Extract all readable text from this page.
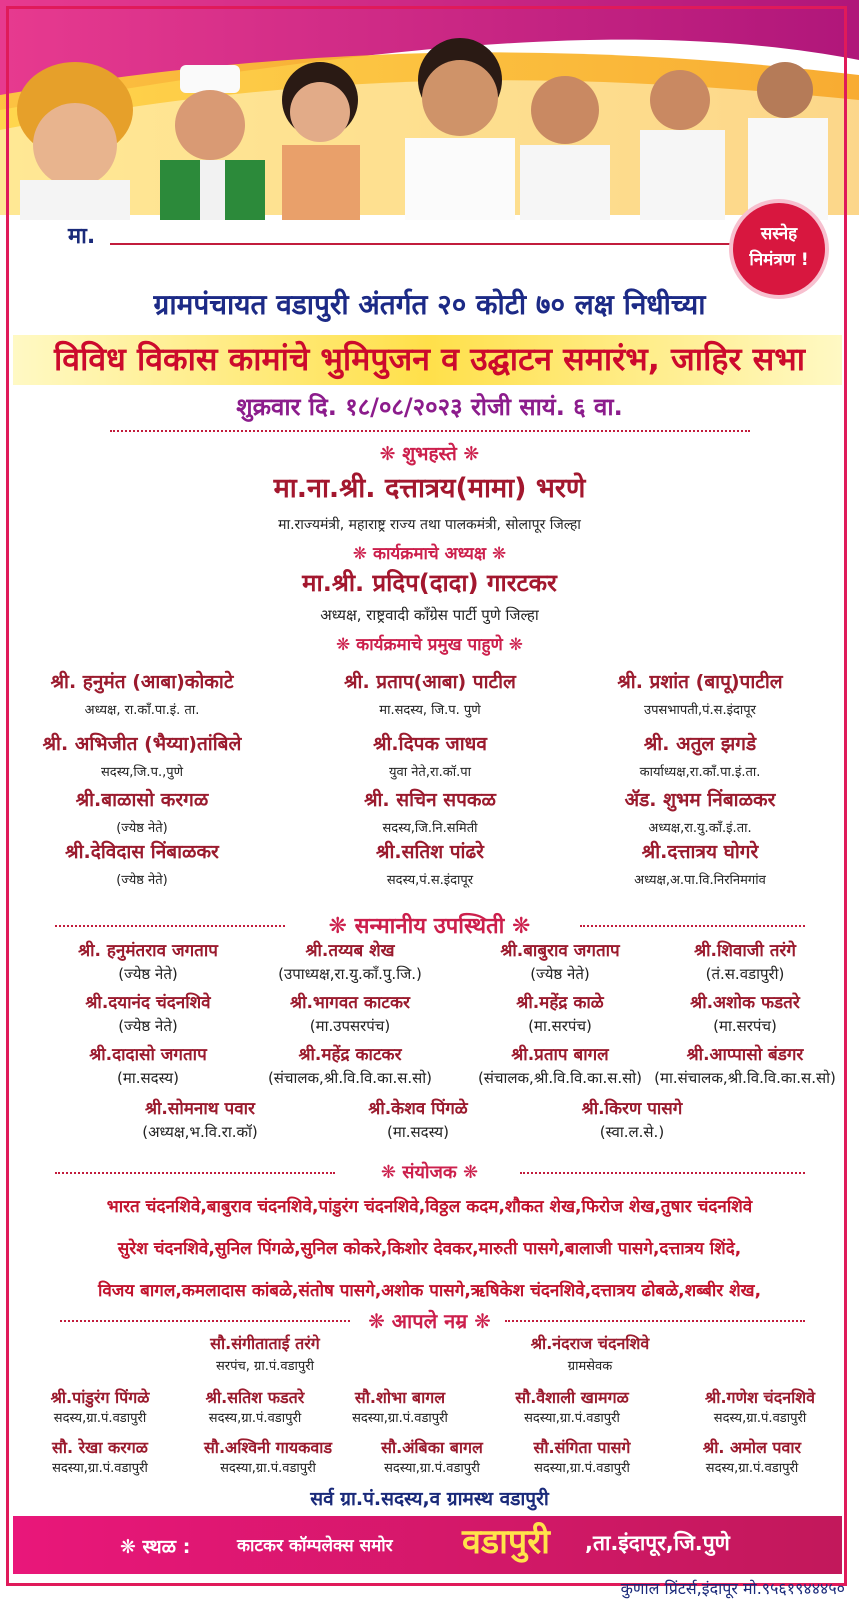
मा.	सस्नेह
निमंत्रण !
ग्रामपंचायत वडापुरी अंतर्गत २० कोटी ७० लक्ष निधीच्या
विविध विकास कामांचे भुमिपुजन व उद्घाटन समारंभ, जाहिर सभा
शुक्रवार दि. १८/०८/२०२३ रोजी सायं. ६ वा.
❋ शुभहस्ते ❋
मा.ना.श्री. दत्तात्रय(मामा) भरणे
मा.राज्यमंत्री, महाराष्ट्र राज्य तथा पालकमंत्री, सोलापूर जिल्हा
❋ कार्यक्रमाचे अध्यक्ष ❋
मा.श्री. प्रदिप(दादा) गारटकर
अध्यक्ष, राष्ट्रवादी काँग्रेस पार्टी पुणे जिल्हा
❋ कार्यक्रमाचे प्रमुख पाहुणे ❋
श्री. हनुमंत (आबा)कोकाटे
अध्यक्ष, रा.काँ.पा.इं. ता.
श्री. प्रताप(आबा) पाटील
मा.सदस्य, जि.प. पुणे
श्री. प्रशांत (बापू)पाटील
उपसभापती,पं.स.इंदापूर
श्री. अभिजीत (भैय्या)तांबिले
सदस्य,जि.प.,पुणे
श्री.दिपक जाधव
युवा नेते,रा.कॉ.पा
श्री. अतुल झगडे
कार्याध्यक्ष,रा.काँ.पा.इं.ता.
श्री.बाळासो करगळ
(ज्येष्ठ नेते)
श्री. सचिन सपकळ
सदस्य,जि.नि.समिती
ॲड. शुभम निंबाळकर
अध्यक्ष,रा.यु.काँ.इं.ता.
श्री.देविदास निंबाळकर
(ज्येष्ठ नेते)
श्री.सतिश पांढरे
सदस्य,पं.स.इंदापूर
श्री.दत्तात्रय घोगरे
अध्यक्ष,अ.पा.वि.निरनिमगांव
❋ सन्मानीय उपस्थिती ❋
श्री. हनुमंतराव जगताप
(ज्येष्ठ नेते)
श्री.तय्यब शेख
(उपाध्यक्ष,रा.यु.काँ.पु.जि.)
श्री.बाबुराव जगताप
(ज्येष्ठ नेते)
श्री.शिवाजी तरंगे
(तं.स.वडापुरी)
श्री.दयानंद चंदनशिवे
(ज्येष्ठ नेते)
श्री.भागवत काटकर
(मा.उपसरपंच)
श्री.महेंद्र काळे
(मा.सरपंच)
श्री.अशोक फडतरे
(मा.सरपंच)
श्री.दादासो जगताप
(मा.सदस्य)
श्री.महेंद्र काटकर
(संचालक,श्री.वि.वि.का.स.सो)
श्री.प्रताप बागल
(संचालक,श्री.वि.वि.का.स.सो)
श्री.आप्पासो बंडगर
(मा.संचालक,श्री.वि.वि.का.स.सो)
श्री.सोमनाथ पवार
(अध्यक्ष,भ.वि.रा.कॉ)
श्री.केशव पिंगळे
(मा.सदस्य)
श्री.किरण पासगे
(स्वा.ल.से.)
❋ संयोजक ❋
भारत चंदनशिवे,बाबुराव चंदनशिवे,पांडुरंग चंदनशिवे,विठ्ठल कदम,शौकत शेख,फिरोज शेख,तुषार चंदनशिवे
सुरेश चंदनशिवे,सुनिल पिंगळे,सुनिल कोकरे,किशोर देवकर,मारुती पासगे,बालाजी पासगे,दत्तात्रय शिंदे,
विजय बागल,कमलादास कांबळे,संतोष पासगे,अशोक पासगे,ऋषिकेश चंदनशिवे,दत्तात्रय ढोबळे,शब्बीर शेख,
❋ आपले नम्र ❋
सौ.संगीताताई तरंगे
सरपंच, ग्रा.पं.वडापुरी
श्री.नंदराज चंदनशिवे
ग्रामसेवक
श्री.पांडुरंग पिंगळे
सदस्य,ग्रा.पं.वडापुरी
श्री.सतिश फडतरे
सदस्य,ग्रा.पं.वडापुरी
सौ.शोभा बागल
सदस्या,ग्रा.पं.वडापुरी
सौ.वैशाली खामगळ
सदस्या,ग्रा.पं.वडापुरी
श्री.गणेश चंदनशिवे
सदस्य,ग्रा.पं.वडापुरी
सौ. रेखा करगळ
सदस्या,ग्रा.पं.वडापुरी
सौ.अश्विनी गायकवाड
सदस्या,ग्रा.पं.वडापुरी
सौ.अंबिका बागल
सदस्या,ग्रा.पं.वडापुरी
सौ.संगिता पासगे
सदस्या,ग्रा.पं.वडापुरी
श्री. अमोल पवार
सदस्य,ग्रा.पं.वडापुरी
सर्व ग्रा.पं.सदस्य,व ग्रामस्थ वडापुरी
❋ स्थळ :	काटकर कॉम्पलेक्स समोर वडापुरी ,ता.इंदापूर,जि.पुणे
कुणाल प्रिंटर्स,इंदापूर मो.९५६१९४४४५०
